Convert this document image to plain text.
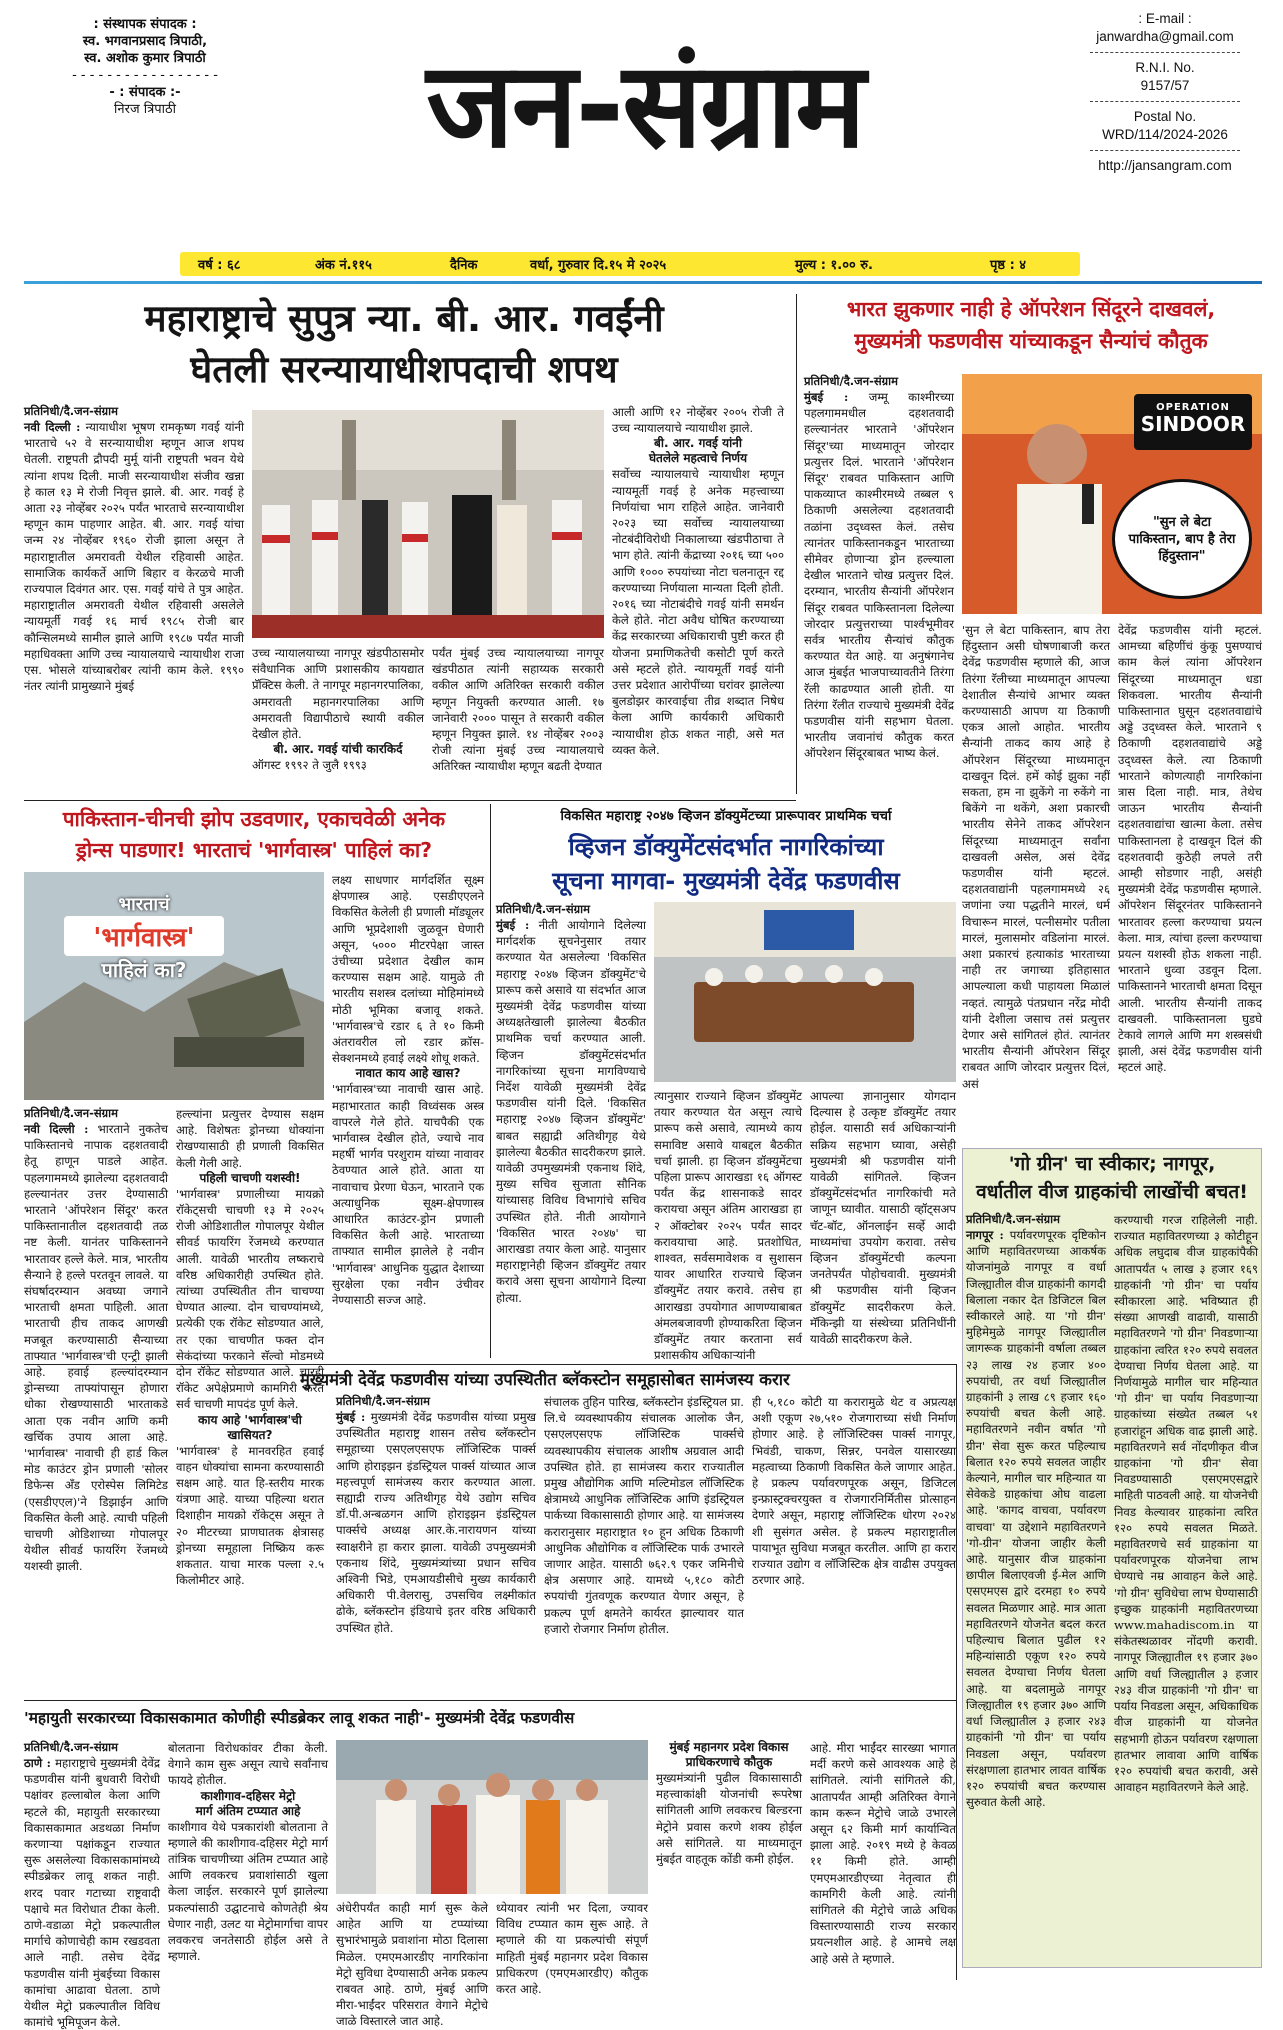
: संस्थापक संपादक :
स्व. भगवानप्रसाद त्रिपाठी,
स्व. अशोक कुमार त्रिपाठी
- - - - - - - - - - - - - - - - -
- : संपादक :-
निरज त्रिपाठी	जन-संग्राम
: E-mail :
janwardha@gmail.com
R.N.I. No.
9157/57
Postal No.
WRD/114/2024-2026
http://jansangram.com
वर्ष : ६८	अंक नं.११५	दैनिक	वर्धा, गुरुवार दि.१५ मे २०२५	मुल्य : १.०० रु.	पृष्ठ : ४
महाराष्ट्राचे सुपुत्र न्या. बी. आर. गवईंनी
घेतली सरन्यायाधीशपदाची शपथ
प्रतिनिधी/दै.जन-संग्राम
नवी दिल्ली : न्यायाधीश भूषण रामकृष्ण गवई यांनी भारताचे ५२ वे सरन्यायाधीश म्हणून आज शपथ घेतली. राष्ट्रपती द्रौपदी मुर्मू यांनी राष्ट्रपती भवन येथे त्यांना शपथ दिली. माजी सरन्यायाधीश संजीव खन्ना हे काल १३ मे रोजी निवृत्त झाले. बी. आर. गवई हे आता २३ नोव्हेंबर २०२५ पर्यंत भारताचे सरन्यायाधीश म्हणून काम पाहणार आहेत. बी. आर. गवई यांचा जन्म २४ नोव्हेंबर १९६० रोजी झाला असून ते महाराष्ट्रातील अमरावती येथील रहिवासी आहेत. सामाजिक कार्यकर्ते आणि बिहार व केरळचे माजी राज्यपाल दिवंगत आर. एस. गवई यांचे ते पुत्र आहेत. महाराष्ट्रातील अमरावती येथील रहिवासी असलेले न्यायमूर्ती गवई १६ मार्च १९८५ रोजी बार कौन्सिलमध्ये सामील झाले आणि १९८७ पर्यंत माजी महाधिवक्ता आणि उच्च न्यायालयाचे न्यायाधीश राजा एस. भोसले यांच्याबरोबर त्यांनी काम केले. १९९० नंतर त्यांनी प्रामुख्याने मुंबई
उच्च न्यायालयाच्या नागपूर खंडपीठासमोर संवैधानिक आणि प्रशासकीय कायद्यात प्रॅक्टिस केली. ते नागपूर महानगरपालिका, अमरावती महानगरपालिका आणि अमरावती विद्यापीठाचे स्थायी वकील देखील होते.
बी. आर. गवई यांची कारकिर्द
ऑगस्ट १९९२ ते जुलै १९९३
पर्यंत मुंबई उच्च न्यायालयाच्या नागपूर खंडपीठात त्यांनी सहाय्यक सरकारी वकील आणि अतिरिक्त सरकारी वकील म्हणून नियुक्ती करण्यात आली. १७ जानेवारी २००० पासून ते सरकारी वकील म्हणून नियुक्त झाले. १४ नोव्हेंबर २००३ रोजी त्यांना मुंबई उच्च न्यायालयाचे अतिरिक्त न्यायाधीश म्हणून बढती देण्यात
आली आणि १२ नोव्हेंबर २००५ रोजी ते उच्च न्यायालयाचे न्यायाधीश झाले.
बी. आर. गवई यांनी
घेतलेले महत्वाचे निर्णय
सर्वोच्च न्यायालयाचे न्यायाधीश म्हणून न्यायमूर्ती गवई हे अनेक महत्त्वाच्या निर्णयांचा भाग राहिले आहेत. जानेवारी २०२३ च्या सर्वोच्च न्यायालयाच्या नोटबंदीविरोधी निकालाच्या खंडपीठाचा ते भाग होते. त्यांनी केंद्राच्या २०१६ च्या ५०० आणि १००० रुपयांच्या नोटा चलनातून रद्द करण्याच्या निर्णयाला मान्यता दिली होती. २०१६ च्या नोटाबंदीचे गवई यांनी समर्थन केले होते. नोटा अवैध घोषित करण्याच्या केंद्र सरकारच्या अधिकाराची पुष्टी करत ही योजना प्रमाणिकतेची कसोटी पूर्ण करते असे म्हटले होते. न्यायमूर्ती गवई यांनी उत्तर प्रदेशात आरोपींच्या घरांवर झालेल्या बुलडोझर कारवाईचा तीव्र शब्दात निषेध केला आणि कार्यकारी अधिकारी न्यायाधीश होऊ शकत नाही, असे मत व्यक्त केले.
भारत झुकणार नाही हे ऑपरेशन सिंदूरने दाखवलं,
मुख्यमंत्री फडणवीस यांच्याकडून सैन्यांचं कौतुक
प्रतिनिधी/दै.जन-संग्राम
मुंबई : जम्मू काश्मीरच्या पहलगाममधील दहशतवादी हल्ल्यानंतर भारताने 'ऑपरेशन सिंदूर'च्या माध्यमातून जोरदार प्रत्युत्तर दिलं. भारताने 'ऑपरेशन सिंदूर' राबवत पाकिस्तान आणि पाकव्याप्त काश्मीरमध्ये तब्बल ९ ठिकाणी असलेल्या दहशतवादी तळांना उद्ध्वस्त केलं. तसेच त्यानंतर पाकिस्तानकडून भारताच्या सीमेवर होणाऱ्या ड्रोन हल्ल्याला देखील भारताने चोख प्रत्युत्तर दिलं. दरम्यान, भारतीय सैन्यांनी ऑपरेशन सिंदूर राबवत पाकिस्तानला दिलेल्या जोरदार प्रत्युत्तराच्या पार्श्वभूमीवर सर्वत्र भारतीय सैन्यांचं कौतुक करण्यात येत आहे. या अनुषंगानेच आज मुंबईत भाजपाच्यावतीने तिरंगा रॅली काढण्यात आली होती. या तिरंगा रॅलीत राज्याचे मुख्यमंत्री देवेंद्र फडणवीस यांनी सहभाग घेतला. भारतीय जवानांचं कौतुक करत ऑपरेशन सिंदूरबाबत भाष्य केलं.
OPERATION
SINDOOR
"सुन ले बेटा पाकिस्तान, बाप है तेरा हिंदुस्तान"
'सुन ले बेटा पाकिस्तान, बाप तेरा हिंदुस्तान असी घोषणाबाजी करत देवेंद्र फडणवीस म्हणाले की, आज तिरंगा रॅलीच्या माध्यमातून आपल्या देशातील सैन्यांचे आभार व्यक्त करण्यासाठी आपण या ठिकाणी एकत्र आलो आहोत. भारतीय सैन्यांनी ताकद काय आहे हे ऑपरेशन सिंदूरच्या माध्यमातून दाखवून दिलं. हमें कोई झुका नहीं सकता, हम ना झुकेंगे ना रुकेंगे ना बिकेंगे ना थकेंगे, अशा प्रकारची भारतीय सेनेने ताकद ऑपरेशन सिंदूरच्या माध्यमातून सर्वांना दाखवली असेल, असं देवेंद्र फडणवीस यांनी म्हटलं. दहशतवाद्यांनी पहलगाममध्ये २६ जणांना ज्या पद्धतीने मारलं, धर्म विचारून मारलं, पत्नीसमोर पतीला मारलं, मुलासमोर वडिलांना मारलं. अशा प्रकारचं हत्याकांड भारताच्या नाही तर जगाच्या इतिहासात आपल्याला कधी पाहायला मिळालं नव्हतं. त्यामुळे पंतप्रधान नरेंद्र मोदी यांनी देशीला जसाच तसं प्रत्युत्तर देणार असे सांगितलं होतं. त्यानंतर भारतीय सैन्यांनी ऑपरेशन सिंदूर राबवत आणि जोरदार प्रत्युत्तर दिलं, असं
देवेंद्र फडणवीस यांनी म्हटलं. आमच्या बहिणींचं कुंकू पुसण्याचं काम केलं त्यांना ऑपरेशन सिंदूरच्या माध्यमातून धडा शिकवला. भारतीय सैन्यांनी पाकिस्तानात घुसून दहशतवाद्यांचे अड्डे उद्ध्वस्त केले. भारताने ९ ठिकाणी दहशतवाद्यांचे अड्डे उद्ध्वस्त केले. त्या ठिकाणी भारताने कोणत्याही नागरिकांना त्रास दिला नाही. मात्र, तेथेच जाऊन भारतीय सैन्यांनी दहशतवाद्यांचा खात्मा केला. तसेच पाकिस्तानला हे दाखवून दिलं की दहशतवादी कुठेही लपले तरी आम्ही सोडणार नाही, असंही मुख्यमंत्री देवेंद्र फडणवीस म्हणाले. ऑपरेशन सिंदूरनंतर पाकिस्तानने भारतावर हल्ला करण्याचा प्रयत्न केला. मात्र, त्यांचा हल्ला करण्याचा प्रयत्न यशस्वी होऊ शकला नाही. भारताने धुव्वा उडवून दिला. पाकिस्तानने भारताची क्षमता दिसून आली. भारतीय सैन्यांनी ताकद दाखवली. पाकिस्तानला घुडघे टेकावे लागले आणि मग शस्त्रसंधी झाली, असं देवेंद्र फडणवीस यांनी म्हटलं आहे.
पाकिस्तान-चीनची झोप उडवणार, एकाचवेळी अनेक
ड्रोन्स पाडणार! भारताचं 'भार्गवास्त्र' पाहिलं का?
भारताचं
'भार्गवास्त्र'
पाहिलं का?
प्रतिनिधी/दै.जन-संग्राम
नवी दिल्ली : भारताने नुकतेच पाकिस्तानचे नापाक दहशतवादी हेतू हाणून पाडले आहेत. पहलगाममध्ये झालेल्या दहशतवादी हल्ल्यानंतर उत्तर देण्यासाठी भारताने 'ऑपरेशन सिंदूर' करत पाकिस्तानातील दहशतवादी तळ नष्ट केली. यानंतर पाकिस्तानने भारतावर हल्ले केले. मात्र, भारतीय सैन्याने हे हल्ले परतवून लावले. या संघर्षादरम्यान अवघ्या जगाने भारताची क्षमता पाहिली. आता भारताची हीच ताकद आणखी मजबूत करण्यासाठी सैन्याच्या ताफ्यात 'भार्गवास्त्र'ची एन्ट्री झाली आहे. हवाई हल्ल्यांदरम्यान ड्रोन्सच्या ताफ्यांपासून होणारा धोका रोखण्यासाठी भारताकडे आता एक नवीन आणि कमी खर्चिक उपाय आला आहे. 'भार्गवास्त्र' नावाची ही हार्ड किल मोड काउंटर ड्रोन प्रणाली 'सोलर डिफेन्स अँड एरोस्पेस लिमिटेड (एसडीएएल)'ने डिझाईन आणि विकसित केली आहे. त्याची पहिली चाचणी ओडिशाच्या गोपालपूर येथील सीवर्ड फायरिंग रेंजमध्ये यशस्वी झाली.
हल्ल्यांना प्रत्युत्तर देण्यास सक्षम आहे. विशेषतः ड्रोनच्या धोक्यांना रोखण्यासाठी ही प्रणाली विकसित केली गेली आहे.
पहिली चाचणी यशस्वी!
'भार्गवास्त्र' प्रणालीच्या मायक्रो रॉकेट्सची चाचणी १३ मे २०२५ रोजी ओडिशातील गोपालपूर येथील सीवर्ड फायरिंग रेंजमध्ये करण्यात आली. यावेळी भारतीय लष्कराचे वरिष्ठ अधिकारीही उपस्थित होते. त्यांच्या उपस्थितीत तीन चाचण्या घेण्यात आल्या. दोन चाचण्यांमध्ये, प्रत्येकी एक रॉकेट सोडण्यात आले, तर एका चाचणीत फक्त दोन सेकंदांच्या फरकाने सॅल्वो मोडमध्ये दोन रॉकेट सोडण्यात आले. चारही रॉकेट अपेक्षेप्रमाणे कामगिरी करत सर्व चाचणी मापदंड पूर्ण केले.
काय आहे 'भार्गवास्त्र'ची खासियत?
'भार्गवास्त्र' हे मानवरहित हवाई वाहन धोक्यांचा सामना करण्यासाठी सक्षम आहे. यात हि-स्तरीय मारक यंत्रणा आहे. याच्या पहिल्या थरात दिशाहीन मायक्रो रॉकेट्स असून ते २० मीटरच्या प्राणघातक क्षेत्रासह ड्रोनच्या समूहाला निष्क्रिय करू शकतात. याचा मारक पल्ला २.५ किलोमीटर आहे.
लक्ष्य साधणार मार्गदर्शित सूक्ष्म क्षेपणास्त्र आहे. एसडीएएलने विकसित केलेली ही प्रणाली मॉड्यूलर आणि भूप्रदेशाशी जुळवून घेणारी असून, ५००० मीटरपेक्षा जास्त उंचीच्या प्रदेशात देखील काम करण्यास सक्षम आहे. यामुळे ती भारतीय सशस्त्र दलांच्या मोहिमांमध्ये मोठी भूमिका बजावू शकते. 'भार्गवास्त्र'चे रडार ६ ते १० किमी अंतरावरील लो रडार क्रॉस-सेक्शनमध्ये हवाई लक्ष्ये शोधू शकते.
नावात काय आहे खास?
'भार्गवास्त्र'च्या नावाची खास आहे. महाभारतात काही विध्वंसक अस्त्र वापरले गेले होते. याचपैकी एक भार्गवास्त्र देखील होते, ज्याचे नाव महर्षी भार्गव परशुराम यांच्या नावावर ठेवण्यात आले होते. आता या नावाचाच प्रेरणा घेऊन, भारताने एक अत्याधुनिक सूक्ष्म-क्षेपणास्त्र आधारित काउंटर-ड्रोन प्रणाली विकसित केली आहे. भारताच्या ताफ्यात सामील झालेले हे नवीन 'भार्गवास्त्र' आधुनिक युद्धात देशाच्या सुरक्षेला एका नवीन उंचीवर नेण्यासाठी सज्ज आहे.
विकसित महाराष्ट्र २०४७ व्हिजन डॉक्युमेंटच्या प्रारूपावर प्राथमिक चर्चा
व्हिजन डॉक्युमेंटसंदर्भात नागरिकांच्या
सूचना मागवा- मुख्यमंत्री देवेंद्र फडणवीस
प्रतिनिधी/दै.जन-संग्राम
मुंबई : नीती आयोगाने दिलेल्या मार्गदर्शक सूचनेनुसार तयार करण्यात येत असलेल्या 'विकसित महाराष्ट्र २०४७ व्हिजन डॉक्युमेंट'चे प्रारूप कसे असावे या संदर्भात आज मुख्यमंत्री देवेंद्र फडणवीस यांच्या अध्यक्षतेखाली झालेल्या बैठकीत प्राथमिक चर्चा करण्यात आली. व्हिजन डॉक्युमेंटसंदर्भात नागरिकांच्या सूचना मागविण्याचे निर्देश यावेळी मुख्यमंत्री देवेंद्र फडणवीस यांनी दिले. 'विकसित महाराष्ट्र २०४७ व्हिजन डॉक्युमेंट' बाबत सह्याद्री अतिथीगृह येथे झालेल्या बैठकीत सादरीकरण झाले. यावेळी उपमुख्यमंत्री एकनाथ शिंदे, मुख्य सचिव सुजाता सौनिक यांच्यासह विविध विभागांचे सचिव उपस्थित होते. नीती आयोगाने 'विकसित भारत २०४७' चा आराखडा तयार केला आहे. यानुसार महाराष्ट्रानेही व्हिजन डॉक्युमेंट तयार करावे असा सूचना आयोगाने दिल्या होत्या.
त्यानुसार राज्याने व्हिजन डॉक्युमेंट तयार करण्यात येत असून त्याचे प्रारूप कसे असावे, त्यामध्ये काय समाविष्ट असावे याबद्दल बैठकीत चर्चा झाली. हा व्हिजन डॉक्युमेंटचा पहिला प्रारूप आराखडा १६ ऑगस्ट पर्यंत केंद्र शासनाकडे सादर करायचा असून अंतिम आराखडा हा २ ऑक्टोबर २०२५ पर्यंत सादर करावयाचा आहे. प्रतशोधित, शाश्वत, सर्वसमावेशक व सुशासन यावर आधारित राज्याचे व्हिजन डॉक्युमेंट तयार करावे. तसेच हा आराखडा उपयोगात आणण्याबाबत अंमलबजावणी होण्याकरिता व्हिजन डॉक्युमेंट तयार करताना सर्व प्रशासकीय अधिकाऱ्यांनी
आपल्या ज्ञानानुसार योगदान दिल्यास हे उत्कृष्ट डॉक्युमेंट तयार होईल. यासाठी सर्व अधिकाऱ्यांनी सक्रिय सहभाग घ्यावा, असेही मुख्यमंत्री श्री फडणवीस यांनी यावेळी सांगितले. व्हिजन डॉक्युमेंटसंदर्भात नागरिकांची मते जाणून घ्यावीत. यासाठी व्हॉट्सअप चॅट-बॉट, ऑनलाईन सर्व्हे आदी माध्यमांचा उपयोग करावा. तसेच व्हिजन डॉक्युमेंटची कल्पना जनतेपर्यंत पोहोचवावी. मुख्यमंत्री श्री फडणवीस यांनी व्हिजन डॉक्युमेंट सादरीकरण केले. मॅकिन्झी या संस्थेच्या प्रतिनिधींनी यावेळी सादरीकरण केले.
'गो ग्रीन' चा स्वीकार; नागपूर,
वर्धातील वीज ग्राहकांची लाखोंची बचत!
प्रतिनिधी/दै.जन-संग्राम
नागपूर : पर्यावरणपूरक दृष्टिकोन आणि महावितरणच्या आकर्षक योजनांमुळे नागपूर व वर्धा जिल्ह्यातील वीज ग्राहकांनी कागदी बिलाला नकार देत डिजिटल बिल स्वीकारले आहे. या 'गो ग्रीन' मुहिमेमुळे नागपूर जिल्ह्यातील जागरूक ग्राहकांनी वर्षाला तब्बल २३ लाख २४ हजार ४०० रुपयांची, तर वर्धा जिल्ह्यातील ग्राहकांनी ३ लाख ८९ हजार १६० रुपयांची बचत केली आहे. महावितरणने नवीन वर्षात 'गो ग्रीन' सेवा सुरू करत पहिल्याच बिलात १२० रुपये सवलत जाहीर केल्याने, मागील चार महिन्यात या सेवेकडे ग्राहकांचा ओघ वाढला आहे. 'कागद वाचवा, पर्यावरण वाचवा' या उद्देशाने महावितरणने 'गो-ग्रीन' योजना जाहीर केली आहे. यानुसार वीज ग्राहकांना छापील बिलाएवजी ई-मेल आणि एसएमएस द्वारे दरमहा १० रुपये सवलत मिळणार आहे. मात्र आता महावितरणने योजनेत बदल करत पहिल्याच बिलात पुढील १२ महिन्यांसाठी एकूण १२० रुपये सवलत देण्याचा निर्णय घेतला आहे. या बदलामुळे नागपूर जिल्ह्यातील १९ हजार ३७० आणि वर्धा जिल्ह्यातील ३ हजार २४३ ग्राहकांनी 'गो ग्रीन' चा पर्याय निवडला असून, पर्यावरण संरक्षणाला हातभार लावत वार्षिक १२० रुपयांची बचत करण्यास सुरुवात केली आहे.
करण्याची गरज राहिलेली नाही. राज्यात महावितरणच्या ३ कोटीहून अधिक लघुदाब वीज ग्राहकांपैकी आतापर्यंत ५ लाख ३ हजार १६९ ग्राहकांनी 'गो ग्रीन' चा पर्याय स्वीकारला आहे. भविष्यात ही संख्या आणखी वाढावी, यासाठी महावितरणने 'गो ग्रीन' निवडणाऱ्या ग्राहकांना त्वरित १२० रुपये सवलत देण्याचा निर्णय घेतला आहे. या निर्णयामुळे मागील चार महिन्यात 'गो ग्रीन' चा पर्याय निवडणाऱ्या ग्राहकांच्या संख्येत तब्बल ५१ हजारांहून अधिक वाढ झाली आहे. महावितरणने सर्व नोंदणीकृत वीज ग्राहकांना 'गो ग्रीन' सेवा निवडण्यासाठी एसएमएसद्वारे माहिती पाठवली आहे. या योजनेची निवड केल्यावर ग्राहकांना त्वरित १२० रुपये सवलत मिळते. महावितरणचे सर्व ग्राहकांना या पर्यावरणपूरक योजनेचा लाभ घेण्याचे नम्र आवाहन केले आहे. 'गो ग्रीन' सुविधेचा लाभ घेण्यासाठी इच्छुक ग्राहकांनी महावितरणच्या www.mahadiscom.in या संकेतस्थळावर नोंदणी करावी. नागपूर जिल्ह्यातील १९ हजार ३७० आणि वर्धा जिल्ह्यातील ३ हजार २४३ वीज ग्राहकांनी 'गो ग्रीन' चा पर्याय निवडला असून, अधिकाधिक वीज ग्राहकांनी या योजनेत सहभागी होऊन पर्यावरण रक्षणाला हातभार लावावा आणि वार्षिक १२० रुपयांची बचत करावी, असे आवाहन महावितरणने केले आहे.
मुख्यमंत्री देवेंद्र फडणवीस यांच्या उपस्थितीत ब्लॅकस्टोन समूहासोबत सामंजस्य करार
प्रतिनिधी/दै.जन-संग्राम
मुंबई : मुख्यमंत्री देवेंद्र फडणवीस यांच्या प्रमुख उपस्थितीत महाराष्ट्र शासन तसेच ब्लॅकस्टोन समूहाच्या एसएलएसएफ लॉजिस्टिक पार्क्स आणि होराइझन इंडस्ट्रियल पार्क्स यांच्यात आज महत्त्वपूर्ण सामंजस्य करार करण्यात आला. सह्याद्री राज्य अतिथीगृह येथे उद्योग सचिव डॉ.पी.अन्बळगन आणि होराइझन इंडस्ट्रियल पार्क्सचे अध्यक्ष आर.के.नारायणन यांच्या स्वाक्षरीने हा करार झाला. यावेळी उपमुख्यमंत्री एकनाथ शिंदे, मुख्यमंत्र्यांच्या प्रधान सचिव अश्विनी भिडे, एमआयडीसीचे मुख्य कार्यकारी अधिकारी पी.वेलरासु, उपसचिव लक्ष्मीकांत ढोके, ब्लॅकस्टोन इंडियाचे इतर वरिष्ठ अधिकारी उपस्थित होते.
संचालक तुहिन पारिख, ब्लॅकस्टोन इंडस्ट्रियल प्रा. लि.चे व्यवस्थापकीय संचालक आलोक जैन, एसएलएसएफ लॉजिस्टिक पार्क्सचे व्यवस्थापकीय संचालक आशीष अग्रवाल आदी उपस्थित होते. हा सामंजस्य करार राज्यातील प्रमुख औद्योगिक आणि मल्टिमोडल लॉजिस्टिक क्षेत्रामध्ये आधुनिक लॉजिस्टिक आणि इंडस्ट्रियल पार्कच्या विकासासाठी होणार आहे. या सामंजस्य करारानुसार महाराष्ट्रात १० हून अधिक ठिकाणी आधुनिक औद्योगिक व लॉजिस्टिक पार्क उभारले जाणार आहेत. यासाठी ७६२.९ एकर जमिनीचे क्षेत्र असणार आहे. यामध्ये ५,१८० कोटी रुपयांची गुंतवणूक करण्यात येणार असून, हे प्रकल्प पूर्ण क्षमतेने कार्यरत झाल्यावर यात हजारो रोजगार निर्माण होतील.
ही ५,१८० कोटी या करारामुळे थेट व अप्रत्यक्ष अशी एकूण २७,५१० रोजगाराच्या संधी निर्माण होणार आहे. हे लॉजिस्टिक्स पार्क्स नागपूर, भिवंडी, चाकण, सिन्नर, पनवेल यासारख्या महत्वाच्या ठिकाणी विकसित केले जाणार आहेत. हे प्रकल्प पर्यावरणपूरक असून, डिजिटल इन्फ्रास्ट्रक्चरयुक्त व रोजगारनिर्मितीस प्रोत्साहन देणारे असून, महाराष्ट्र लॉजिस्टिक धोरण २०२४ शी सुसंगत असेल. हे प्रकल्प महाराष्ट्रातील पायाभूत सुविधा मजबूत करतील. आणि हा करार राज्यात उद्योग व लॉजिस्टिक क्षेत्र वाढीस उपयुक्त ठरणार आहे.
'महायुती सरकारच्या विकासकामात कोणीही स्पीडब्रेकर लावू शकत नाही'- मुख्यमंत्री देवेंद्र फडणवीस
प्रतिनिधी/दै.जन-संग्राम
ठाणे : महाराष्ट्राचे मुख्यमंत्री देवेंद्र फडणवीस यांनी बुधवारी विरोधी पक्षांवर हल्लाबोल केला आणि म्हटले की, महायुती सरकारच्या विकासकामात अडथळा निर्माण करणाऱ्या पक्षांकडून राज्यात सुरू असलेल्या विकासकामांमध्ये स्पीडब्रेकर लावू शकत नाही. शरद पवार गटाच्या राष्ट्रवादी पक्षाचे मत विरोधात टीका केली. ठाणे-वडाळा मेट्रो प्रकल्पातील मार्गाचे कोणाचेही काम रखडवता आले नाही. तसेच देवेंद्र फडणवीस यांनी मुंबईच्या विकास कामांचा आढावा घेतला. ठाणे येथील मेट्रो प्रकल्पातील विविध कामांचे भूमिपूजन केले.
बोलताना विरोधकांवर टीका केली. वेगाने काम सुरू असून त्याचे सर्वांनाच फायदे होतील.
काशीगाव-दहिसर मेट्रो
मार्ग अंतिम टप्प्यात आहे
काशीगाव येथे पत्रकारांशी बोलताना ते म्हणाले की काशीगाव-दहिसर मेट्रो मार्ग तांत्रिक चाचणीच्या अंतिम टप्प्यात आहे आणि लवकरच प्रवाशांसाठी खुला केला जाईल. सरकारने पूर्ण झालेल्या प्रकल्पांसाठी उद्घाटनाचे कोणतेही श्रेय घेणार नाही, उलट या मेट्रोमार्गाचा वापर लवकरच जनतेसाठी होईल असे ते म्हणाले.
अंधेरीपर्यंत काही मार्ग सुरू केले आहेत आणि या टप्प्यांच्या सुभारंभामुळे प्रवाशांना मोठा दिलासा मिळेल. एमएमआरडीए नागरिकांना मेट्रो सुविधा देण्यासाठी अनेक प्रकल्प राबवत आहे. ठाणे, मुंबई आणि मीरा-भाईंदर परिसरात वेगाने मेट्रोचे जाळे विस्तारले जात आहे.
ध्येयावर त्यांनी भर दिला, ज्यावर विविध टप्प्यात काम सुरू आहे. ते म्हणाले की या प्रकल्पांची संपूर्ण माहिती मुंबई महानगर प्रदेश विकास प्राधिकरण (एमएमआरडीए) कौतुक करत आहे.
मुंबई महानगर प्रदेश विकास
प्राधिकरणाचे कौतुक
मुख्यमंत्र्यांनी पुढील विकासासाठी महत्त्वाकांक्षी योजनांची रूपरेषा सांगितली आणि लवकरच बिल्डरना मेट्रोने प्रवास करणे शक्य होईल असे सांगितले. या माध्यमातून मुंबईत वाहतूक कोंडी कमी होईल.
आहे. मीरा भाईंदर सारख्या भागात मर्दी करणे कसे आवश्यक आहे हे सांगितले. त्यांनी सांगितले की, आतापर्यंत आम्ही अतिरिक्त वेगाने काम करून मेट्रोचे जाळे उभारले असून ६२ किमी मार्ग कार्यान्वित झाला आहे. २०१९ मध्ये हे केवळ ११ किमी होते. आम्ही एमएमआरडीएच्या नेतृत्वात ही कामगिरी केली आहे. त्यांनी सांगितले की मेट्रोचे जाळे अधिक विस्तारण्यासाठी राज्य सरकार प्रयत्नशील आहे. हे आमचे लक्ष आहे असे ते म्हणाले.
